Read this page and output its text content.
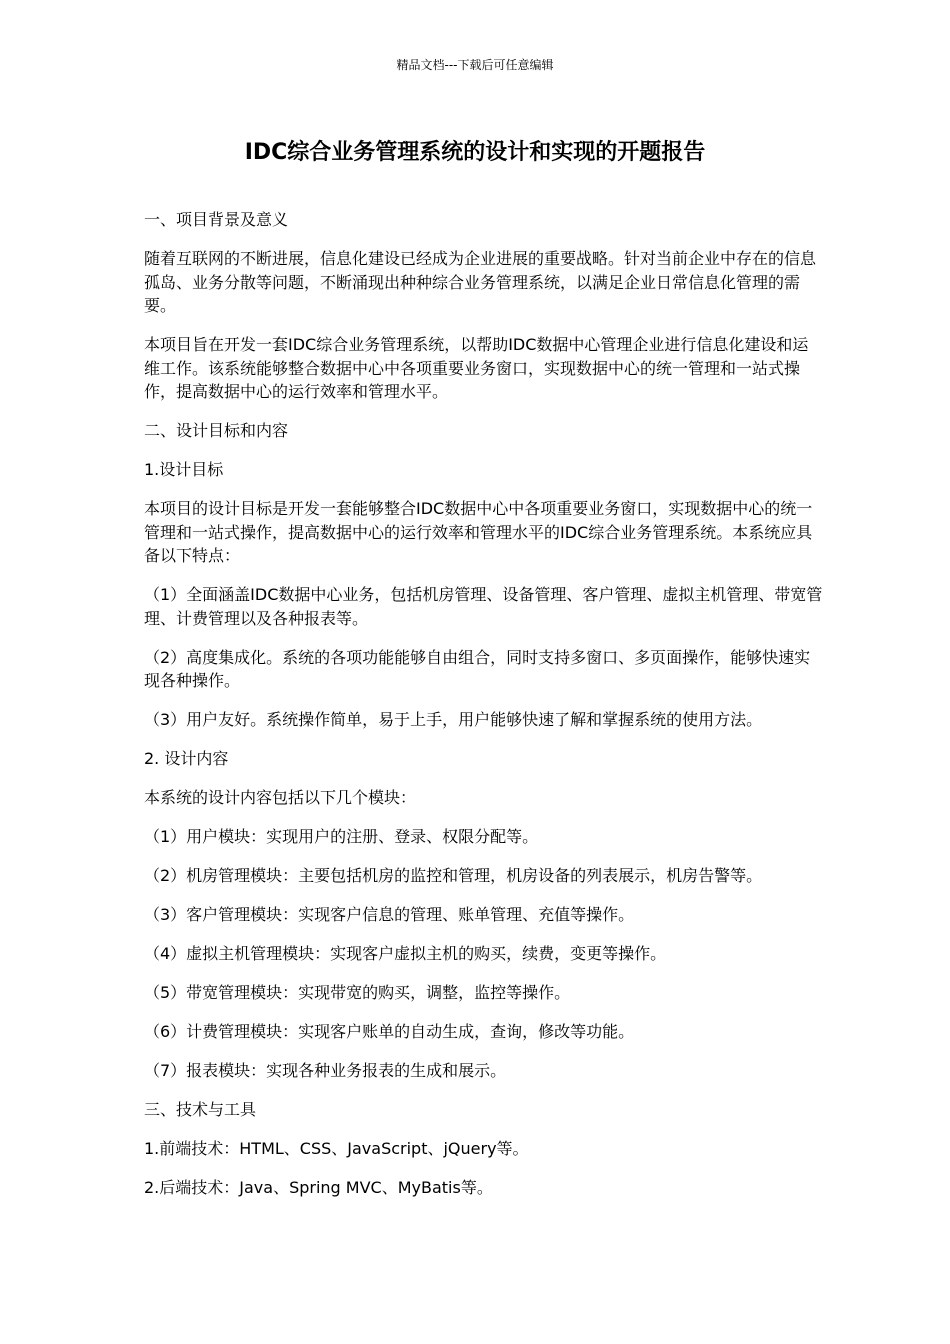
精品文档---下载后可任意编辑
IDC综合业务管理系统的设计和实现的开题报告

一、项目背景及意义

随着互联网的不断进展，信息化建设已经成为企业进展的重要战略。针对当前企业中存在的信息孤岛、业务分散等问题，不断涌现出种种综合业务管理系统，以满足企业日常信息化管理的需要。

本项目旨在开发一套IDC综合业务管理系统，以帮助IDC数据中心管理企业进行信息化建设和运维工作。该系统能够整合数据中心中各项重要业务窗口，实现数据中心的统一管理和一站式操作，提高数据中心的运行效率和管理水平。

二、设计目标和内容

1.设计目标

本项目的设计目标是开发一套能够整合IDC数据中心中各项重要业务窗口，实现数据中心的统一管理和一站式操作，提高数据中心的运行效率和管理水平的IDC综合业务管理系统。本系统应具备以下特点：

（1）全面涵盖IDC数据中心业务，包括机房管理、设备管理、客户管理、虚拟主机管理、带宽管理、计费管理以及各种报表等。

（2）高度集成化。系统的各项功能能够自由组合，同时支持多窗口、多页面操作，能够快速实现各种操作。

（3）用户友好。系统操作简单，易于上手，用户能够快速了解和掌握系统的使用方法。

2. 设计内容

本系统的设计内容包括以下几个模块：

（1）用户模块：实现用户的注册、登录、权限分配等。

（2）机房管理模块：主要包括机房的监控和管理，机房设备的列表展示，机房告警等。

（3）客户管理模块：实现客户信息的管理、账单管理、充值等操作。

（4）虚拟主机管理模块：实现客户虚拟主机的购买，续费，变更等操作。

（5）带宽管理模块：实现带宽的购买，调整，监控等操作。

（6）计费管理模块：实现客户账单的自动生成，查询，修改等功能。

（7）报表模块：实现各种业务报表的生成和展示。

三、技术与工具

1.前端技术：HTML、CSS、JavaScript、jQuery等。

2.后端技术：Java、Spring MVC、MyBatis等。
